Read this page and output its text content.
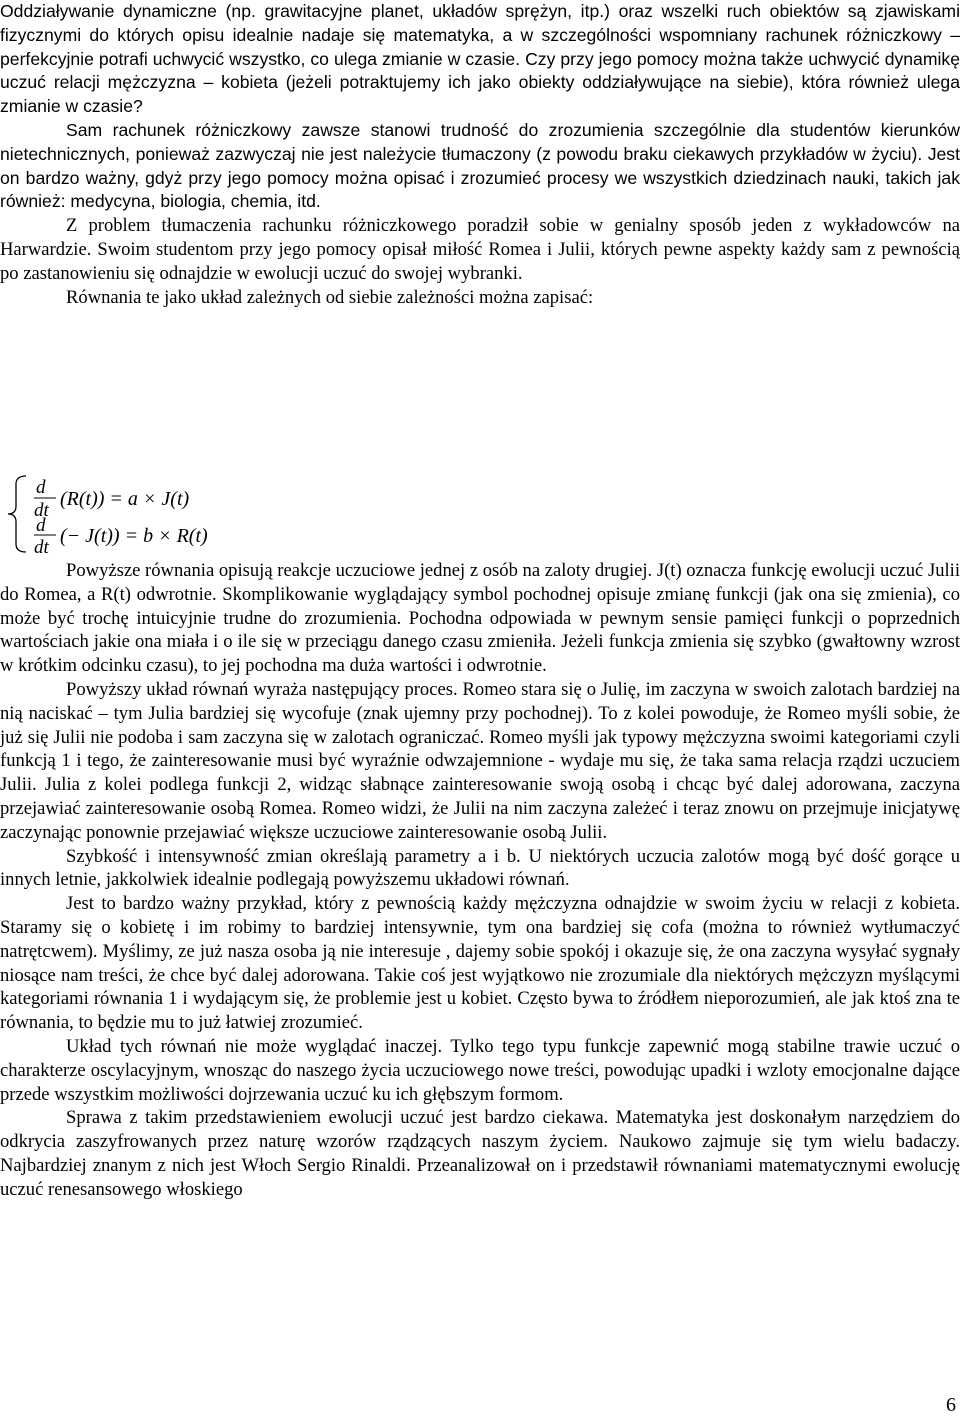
Oddziaływanie dynamiczne (np. grawitacyjne planet, układów sprężyn, itp.) oraz wszelki ruch obiektów są zjawiskami fizycznymi do których opisu idealnie nadaje się matematyka, a w szczególności wspomniany rachunek różniczkowy – perfekcyjnie potrafi uchwycić wszystko, co ulega zmianie w czasie. Czy przy jego pomocy można także uchwycić dynamikę uczuć relacji mężczyzna – kobieta (jeżeli potraktujemy ich jako obiekty oddziaływujące na siebie), która również ulega zmianie w czasie?

Sam rachunek różniczkowy zawsze stanowi trudność do zrozumienia szczególnie dla studentów kierunków nietechnicznych, ponieważ zazwyczaj nie jest należycie tłumaczony (z powodu braku ciekawych przykładów w życiu). Jest on bardzo ważny, gdyż przy jego pomocy można opisać i zrozumieć procesy we wszystkich dziedzinach nauki, takich jak również: medycyna, biologia, chemia, itd.

Z problem tłumaczenia rachunku różniczkowego poradził sobie w genialny sposób jeden z wykładowców na Harwardzie. Swoim studentom przy jego pomocy opisał miłość Romea i Julii, których pewne aspekty każdy sam z pewnością po zastanowieniu się odnajdzie w ewolucji uczuć do swojej wybranki.

Równania te jako układ zależnych od siebie zależności można zapisać:

d
dt
(R(t)) = a × J(t)
d
dt
(− J(t)) = b × R(t)

Powyższe równania opisują reakcje uczuciowe jednej z osób na zaloty drugiej. J(t) oznacza funkcję ewolucji uczuć Julii do Romea, a R(t) odwrotnie. Skomplikowanie wyglądający symbol pochodnej opisuje zmianę funkcji (jak ona się zmienia), co może być trochę intuicyjnie trudne do zrozumienia. Pochodna odpowiada w pewnym sensie pamięci funkcji o poprzednich wartościach jakie ona miała i o ile się w przeciągu danego czasu zmieniła. Jeżeli funkcja zmienia się szybko (gwałtowny wzrost w krótkim odcinku czasu), to jej pochodna ma duża wartości i odwrotnie.

Powyższy układ równań wyraża następujący proces. Romeo stara się o Julię, im zaczyna w swoich zalotach bardziej na nią naciskać – tym Julia bardziej się wycofuje (znak ujemny przy pochodnej). To z kolei powoduje, że Romeo myśli sobie, że już się Julii nie podoba i sam zaczyna się w zalotach ograniczać. Romeo myśli jak typowy mężczyzna swoimi kategoriami czyli funkcją 1 i tego, że zainteresowanie musi być wyraźnie odwzajemnione - wydaje mu się, że taka sama relacja rządzi uczuciem Julii. Julia z kolei podlega funkcji 2, widząc słabnące zainteresowanie swoją osobą i chcąc być dalej adorowana, zaczyna przejawiać zainteresowanie osobą Romea. Romeo widzi, że Julii na nim zaczyna zależeć i teraz znowu on przejmuje inicjatywę zaczynając ponownie przejawiać większe uczuciowe zainteresowanie osobą Julii.

Szybkość i intensywność zmian określają parametry a i b. U niektórych uczucia zalotów mogą być dość gorące u innych letnie, jakkolwiek idealnie podlegają powyższemu układowi równań.

Jest to bardzo ważny przykład, który z pewnością każdy mężczyzna odnajdzie w swoim życiu w relacji z kobieta. Staramy się o kobietę i im robimy to bardziej intensywnie, tym ona bardziej się cofa (można to również wytłumaczyć natrętcwem). Myślimy, ze już nasza osoba ją nie interesuje , dajemy sobie spokój i okazuje się, że ona zaczyna wysyłać sygnały niosące nam treści, że chce być dalej adorowana. Takie coś jest wyjątkowo nie zrozumiale dla niektórych mężczyzn myślącymi kategoriami równania 1 i wydającym się, że problemie jest u kobiet. Często bywa to źródłem nieporozumień, ale jak ktoś zna te równania, to będzie mu to już łatwiej zrozumieć.

Układ tych równań nie może wyglądać inaczej. Tylko tego typu funkcje zapewnić mogą stabilne trawie uczuć o charakterze oscylacyjnym, wnosząc do naszego życia uczuciowego nowe treści, powodując upadki i wzloty emocjonalne dające przede wszystkim możliwości dojrzewania uczuć ku ich głębszym formom.

Sprawa z takim przedstawieniem ewolucji uczuć jest bardzo ciekawa. Matematyka jest doskonałym narzędziem do odkrycia zaszyfrowanych przez naturę wzorów rządzących naszym życiem. Naukowo zajmuje się tym wielu badaczy. Najbardziej znanym z nich jest Włoch Sergio Rinaldi. Przeanalizował on i przedstawił równaniami matematycznymi ewolucję uczuć renesansowego włoskiego

6
